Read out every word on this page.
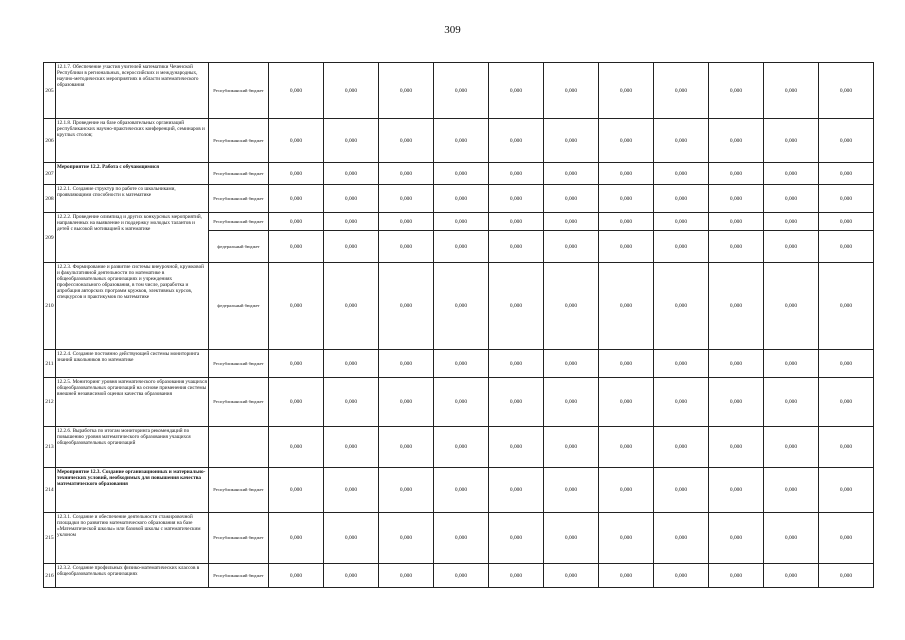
309
205	12.1.7. Обеспечение участия учителей математики Чеченской Республики в региональных, всероссийских и международных, научно-методических мероприятиях в области математического образования	Республиканский бюджет	0,000	0,000	0,000	0,000	0,000	0,000	0,000	0,000	0,000	0,000	0,000
206	12.1.8. Проведение на базе образовательных организаций республиканских научно-практических конференций, семинаров и круглых столов;	Республиканский бюджет	0,000	0,000	0,000	0,000	0,000	0,000	0,000	0,000	0,000	0,000	0,000
207	Мероприятие 12.2. Работа с обучающимися	Республиканский бюджет	0,000	0,000	0,000	0,000	0,000	0,000	0,000	0,000	0,000	0,000	0,000
208	12.2.1. Создание структур по работе со школьниками, проявляющими способности к математике	Республиканский бюджет	0,000	0,000	0,000	0,000	0,000	0,000	0,000	0,000	0,000	0,000	0,000
209	12.2.2. Проведение олимпиад и других конкурсных мероприятий, направленных на выявление и поддержку молодых талантов и детей с высокой мотивацией к математике	Республиканский бюджет	0,000	0,000	0,000	0,000	0,000	0,000	0,000	0,000	0,000	0,000	0,000
		федеральный бюджет	0,000	0,000	0,000	0,000	0,000	0,000	0,000	0,000	0,000	0,000	0,000
210	12.2.3. Формирование и развитие системы внеурочной, кружковой и факультативной деятельности по математике в общеобразовательных организациях и учреждениях профессионального образования, в том числе, разработка и апробация авторских программ кружков, элективных курсов, спецкурсов и практикумов по математике	федеральный бюджет	0,000	0,000	0,000	0,000	0,000	0,000	0,000	0,000	0,000	0,000	0,000
211	12.2.4. Создание постоянно действующей системы мониторинга знаний школьников по математике	Республиканский бюджет	0,000	0,000	0,000	0,000	0,000	0,000	0,000	0,000	0,000	0,000	0,000
212	12.2.5. Мониторинг уровня математического образования учащихся общеобразовательных организаций на основе применения системы внешней независимой оценки качества образования	Республиканский бюджет	0,000	0,000	0,000	0,000	0,000	0,000	0,000	0,000	0,000	0,000	0,000
213	12.2.6. Выработка по итогам мониторинга рекомендаций по повышению уровня математического образования учащихся общеобразовательных организаций		0,000	0,000	0,000	0,000	0,000	0,000	0,000	0,000	0,000	0,000	0,000
214	Мероприятие 12.3. Создание организационных и материально-технических условий, необходимых для повышения качества математического образования	Республиканский бюджет	0,000	0,000	0,000	0,000	0,000	0,000	0,000	0,000	0,000	0,000	0,000
215	12.3.1. Создание и обеспечение деятельности стажировочной площадки по развитию математического образования на базе «Математической школы» или базовой школы с математическим уклоном	Республиканский бюджет	0,000	0,000	0,000	0,000	0,000	0,000	0,000	0,000	0,000	0,000	0,000
216	12.3.2. Создание профильных физико-математических классов в общеобразовательных организациях	Республиканский бюджет	0,000	0,000	0,000	0,000	0,000	0,000	0,000	0,000	0,000	0,000	0,000
